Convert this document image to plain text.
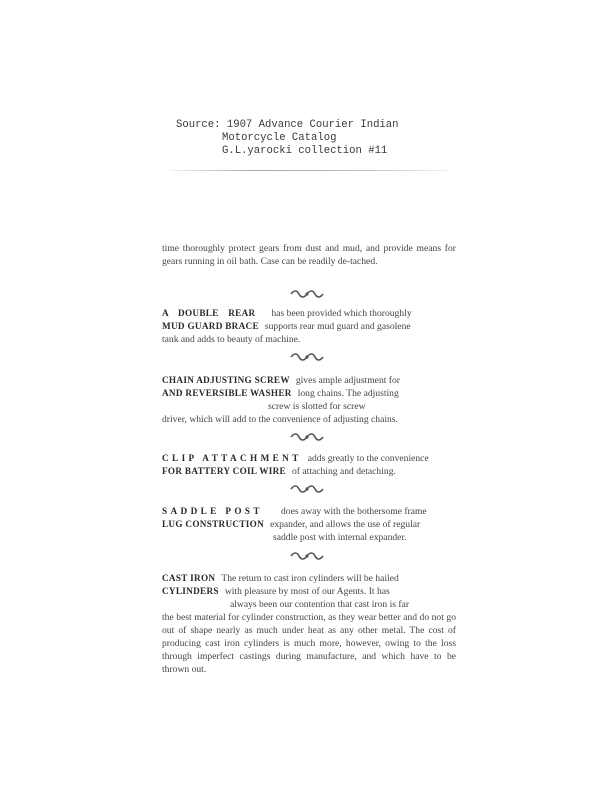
Source: 1907 Advance Courier Indian
Motorcycle Catalog
G.L.yarocki collection #11

time thoroughly protect gears from dust and mud, and provide means for gears running in oil bath. Case can be readily de-tached.

A DOUBLE REAR	has been provided which thoroughly
MUD GUARD BRACE supports rear mud guard and gasolene
tank and adds to beauty of machine.
CHAIN ADJUSTING SCREW gives ample adjustment for
AND REVERSIBLE WASHER long chains. The adjusting
screw is slotted for screw
driver, which will add to the convenience of adjusting chains.
CLIP ATTACHMENT adds greatly to the convenience
FOR BATTERY COIL WIRE of attaching and detaching.
SADDLE POST	does away with the bothersome frame
LUG CONSTRUCTION expander, and allows the use of regular
saddle post with internal expander.
CAST IRON The return to cast iron cylinders will be hailed
CYLINDERS with pleasure by most of our Agents. It has
always been our contention that cast iron is far
the best material for cylinder construction, as they wear better and do not go out of shape nearly as much under heat as any other metal. The cost of producing cast iron cylinders is much more, however, owing to the loss through imperfect castings during manufacture, and which have to be thrown out.
